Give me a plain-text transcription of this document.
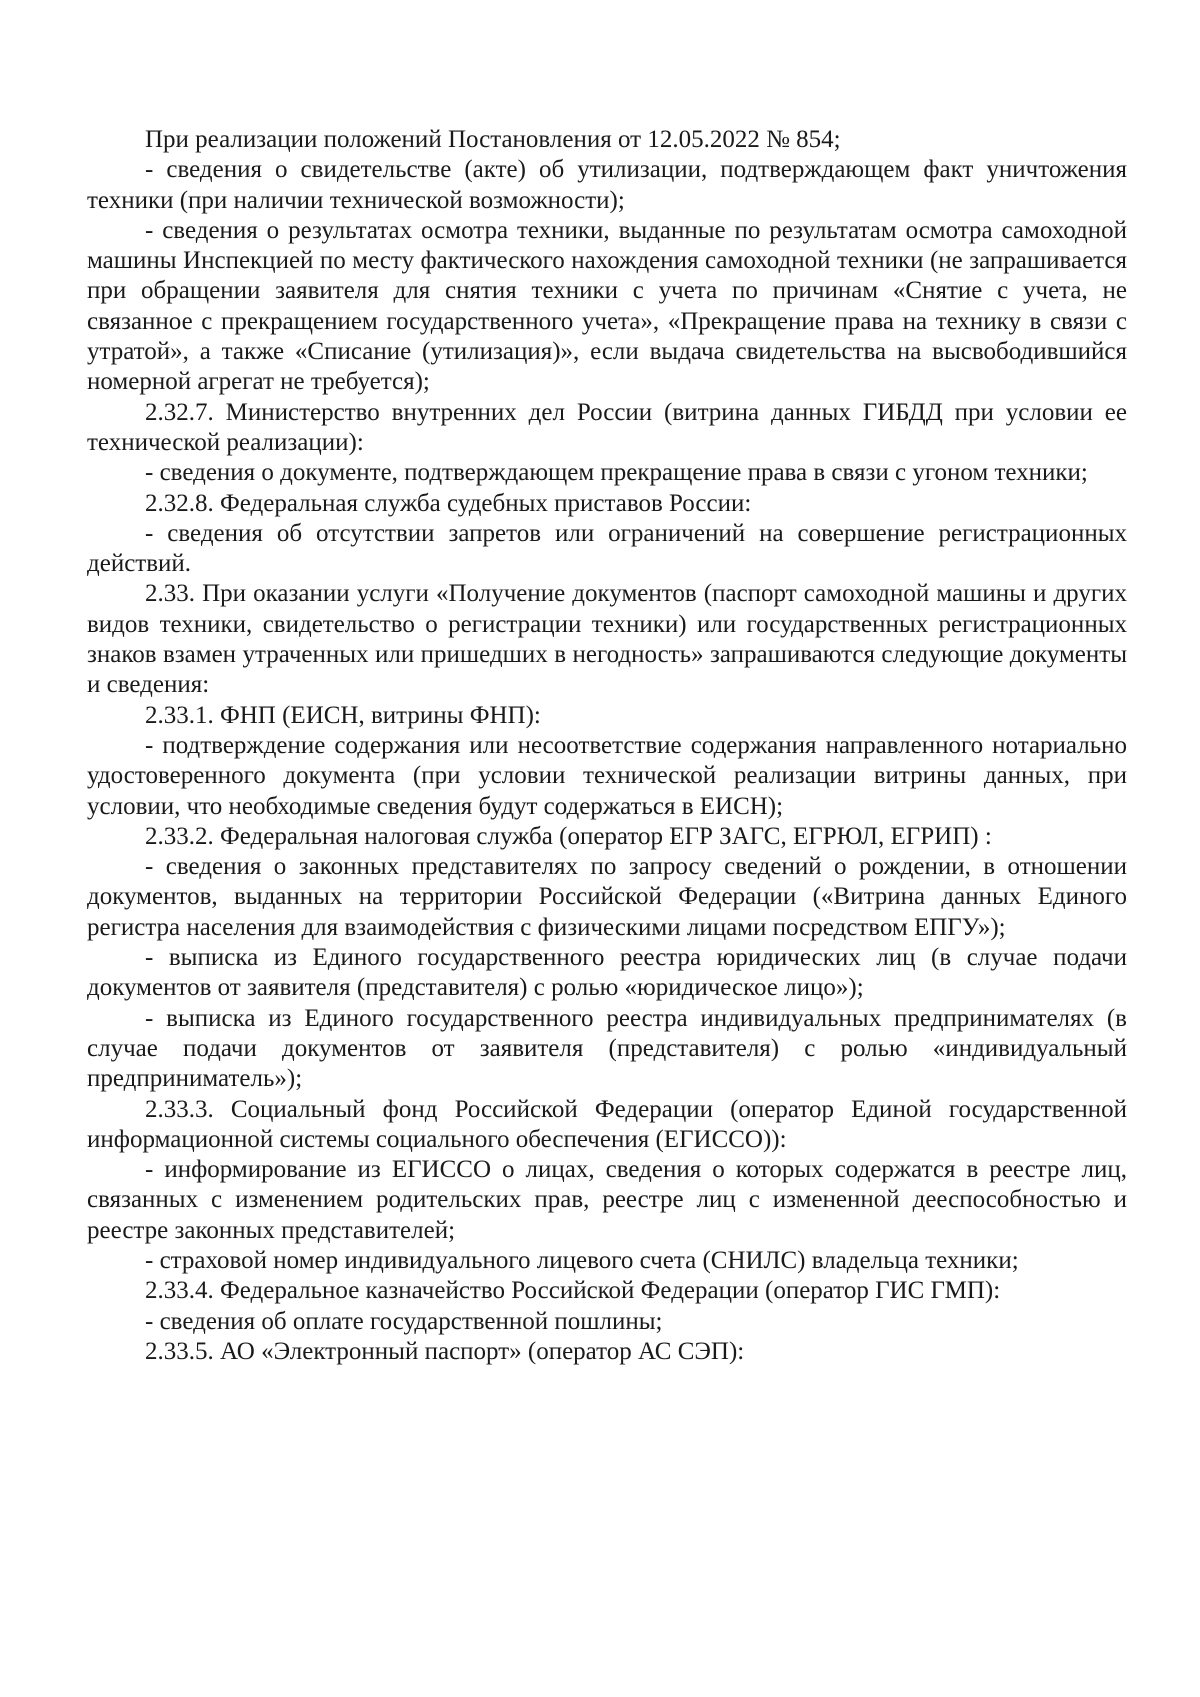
При реализации положений Постановления от 12.05.2022 № 854;

- сведения о свидетельстве (акте) об утилизации, подтверждающем факт уничтожения техники (при наличии технической возможности);

- сведения о результатах осмотра техники, выданные по результатам осмотра самоходной машины Инспекцией по месту фактического нахождения самоходной техники (не запрашивается при обращении заявителя для снятия техники с учета по причинам «Снятие с учета, не связанное с прекращением государственного учета», «Прекращение права на технику в связи с утратой», а также «Списание (утилизация)», если выдача свидетельства на высвободившийся номерной агрегат не требуется);

2.32.7. Министерство внутренних дел России (витрина данных ГИБДД при условии ее технической реализации):

- сведения о документе, подтверждающем прекращение права в связи с угоном техники;

2.32.8. Федеральная служба судебных приставов России:

- сведения об отсутствии запретов или ограничений на совершение регистрационных действий.

2.33. При оказании услуги «Получение документов (паспорт самоходной машины и других видов техники, свидетельство о регистрации техники) или государственных регистрационных знаков взамен утраченных или пришедших в негодность» запрашиваются следующие документы и сведения:

2.33.1. ФНП (ЕИСН, витрины ФНП):

- подтверждение содержания или несоответствие содержания направленного нотариально удостоверенного документа (при условии технической реализации витрины данных, при условии, что необходимые сведения будут содержаться в ЕИСН);

2.33.2. Федеральная налоговая служба (оператор ЕГР ЗАГС, ЕГРЮЛ, ЕГРИП) :

- сведения о законных представителях по запросу сведений о рождении, в отношении документов, выданных на территории Российской Федерации («Витрина данных Единого регистра населения для взаимодействия с физическими лицами посредством ЕПГУ»);

- выписка из Единого государственного реестра юридических лиц (в случае подачи документов от заявителя (представителя) с ролью «юридическое лицо»);

- выписка из Единого государственного реестра индивидуальных предпринимателях (в случае подачи документов от заявителя (представителя) с ролью «индивидуальный предприниматель»);

2.33.3. Социальный фонд Российской Федерации (оператор Единой государственной информационной системы социального обеспечения (ЕГИССО)):

- информирование из ЕГИССО о лицах, сведения о которых содержатся в реестре лиц, связанных с изменением родительских прав, реестре лиц с измененной дееспособностью и реестре законных представителей;

- страховой номер индивидуального лицевого счета (СНИЛС) владельца техники;

2.33.4. Федеральное казначейство Российской Федерации (оператор ГИС ГМП):

- сведения об оплате государственной пошлины;

2.33.5. АО «Электронный паспорт» (оператор АС СЭП):
